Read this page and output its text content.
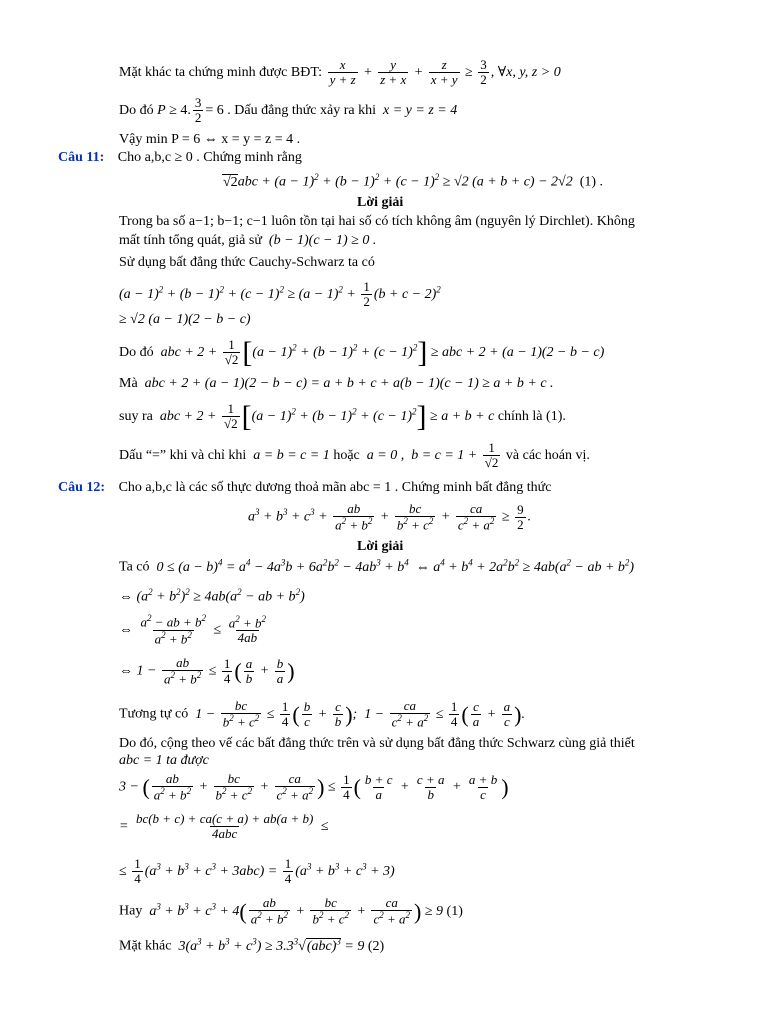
Mặt khác ta chứng minh được BĐT: $\frac{x}{y + z} + \frac{y}{z + x} + \frac{z}{x + y} \ge \frac{3}{2}$ , ∀x, y, z > 0
Do đó P ≥ 4. $\frac{3}{2} = 6$ . Dấu đẳng thức xảy ra khi  x = y = z = 4
Vậy min P = 6 ⇔ x = y = z = 4 .
Câu 11: Cho a,b,c ≥ 0 . Chứng minh rằng
$√2abc + (a - 1)^2 + (b - 1)^2 + (c - 1)^2 \ge √2$ (a + b + c) − 2√2  (1) .
Lời giải
Trong ba số a−1; b−1; c−1 luôn tồn tại hai số có tích không âm (nguyên lý Dirchlet). Không
mất tính tổng quát, giả sử  (b − 1)(c − 1) ≥ 0 .
Sử dụng bất đẳng thức Cauchy-Schwarz ta có
$(a - 1)^2 + (b - 1)^2 + (c - 1)^2 \ge (a - 1)^2 + \frac{1}{2} (b + c - 2)^2$
≥ √2 (a − 1)(2 − b − c)
Do đó  abc + $2 + \frac{1}{√2} [(a - 1)^2 + (b - 1)^2 + (c - 1)^2]$ ≥ abc + 2 + (a − 1)(2 − b − c)
Mà  abc + 2 + (a − 1)(2 − b − c) = a + b + c + a(b − 1)(c − 1) ≥ a + b + c .
suy ra  abc + $2 + \frac{1}{√2} [(a - 1)^2 + (b - 1)^2 + (c - 1)^2] \ge a + b + c$ chính là (1).
Dấu “=” khi và chỉ khi  a = b = c = 1 hoặc  a = 0 ,  $b = c = 1 + \frac{1}{√2}$ và các hoán vị.
Câu 12: Cho a,b,c là các số thực dương thoả mãn abc = 1 . Chứng minh bất đẳng thức
$a^3 + b^3 + c^3 + \frac{ab}{a^2 + b^2} + \frac{bc}{b^2 + c^2} + \frac{ca}{c^2 + a^2} \ge \frac{9}{2}$ .
Lời giải
Ta có  $0 \le (a - b)^4 = a^4 - 4a^3b + 6a^2b^2 - 4ab^3 + b^4$  ⇔ $a^4 + b^4 + 2a^2b^2 \ge 4ab(a^2$ − ab + $b^2$)
⇔ $(a^2 + b^2)^2 \ge 4ab(a^2$ − ab + $b^2$)
⇔ $\frac{a^2 - ab + b^2}{a^2 + b^2} \le \frac{a^2 + b^2}{4ab}$
⇔ $1 - \frac{ab}{a^2 + b^2} \le \frac{1}{4}$ ( $\frac{a}{b} + \frac{b}{a}$ )
Tương tự có  $1 - \frac{bc}{b^2 + c^2} \le \frac{1}{4}$ ( $\frac{b}{c} + \frac{c}{b}$ );  $1 - \frac{ca}{c^2 + a^2} \le \frac{1}{4}$ ( $\frac{c}{a} + \frac{a}{c}$ ).
Do đó, cộng theo vế các bất đẳng thức trên và sử dụng bất đẳng thức Schwarz cùng giả thiết
abc = 1 ta được
3 − ( $\frac{ab}{a^2 + b^2} + \frac{bc}{b^2 + c^2} + \frac{ca}{c^2 + a^2}$ ) ≤ $\frac{1}{4}$ ( $\frac{b + c}{a} + \frac{c + a}{b} + \frac{a + b}{c}$ )
=
bc(b + c) + ca(c + a) + ab(a + b)
4abc	≤
≤ $\frac{1}{4} (a^3 + b^3 + c^3 + 3abc) = \frac{1}{4} (a^3 + b^3 + c^3 + 3)$
Hay  $a^3 + b^3 + c^3 + 4( \frac{ab}{a^2 + b^2} + \frac{bc}{b^2 + c^2} + \frac{ca}{c^2 + a^2}$ ) ≥ 9 (1)
Mặt khác  $3(a^3 + b^3 + c^3) \ge 3.3^3√(abc)^3 = 9$ (2)
